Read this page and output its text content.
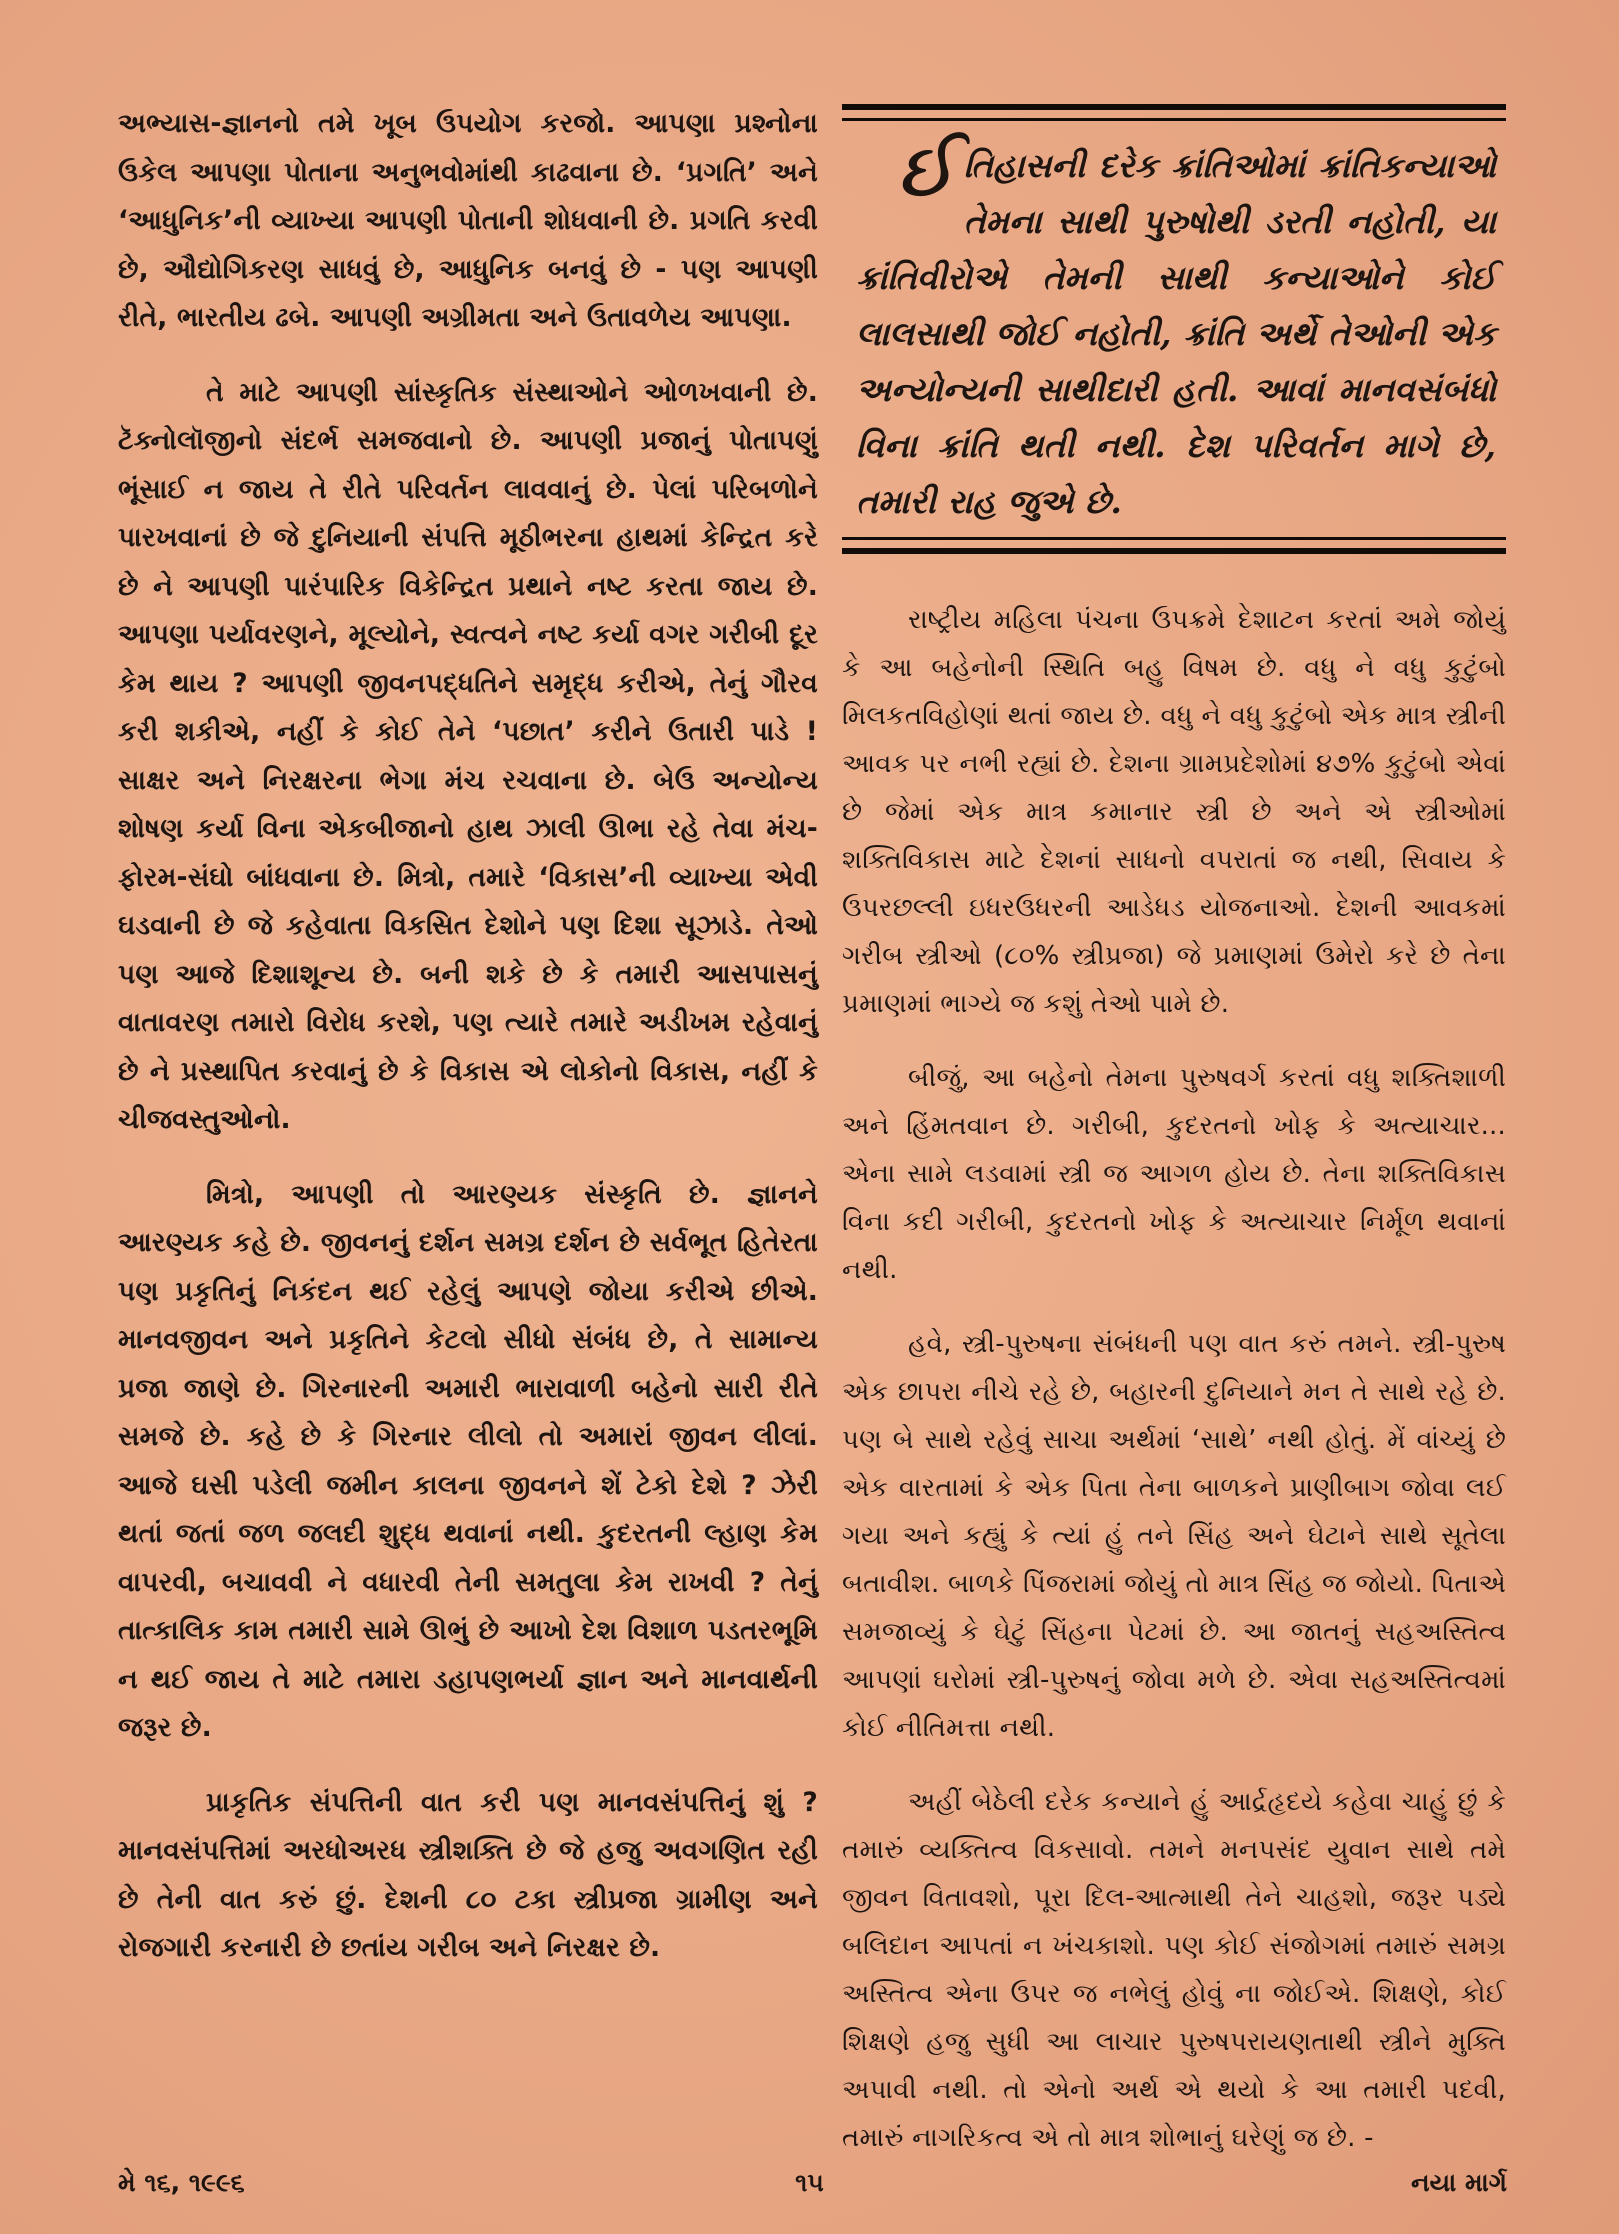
અભ્યાસ-જ્ઞાનનો તમે ખૂબ ઉપયોગ કરજો. આપણા પ્રશ્નોના ઉકેલ આપણા પોતાના અનુભવોમાંથી કાઢવાના છે. ‘પ્રગતિ’ અને ‘આધુનિક’ની વ્યાખ્યા આપણી પોતાની શોધવાની છે. પ્રગતિ કરવી છે, ઔદ્યોગિકરણ સાધવું છે, આધુનિક બનવું છે - પણ આપણી રીતે, ભારતીય ઢબે. આપણી અગ્રીમતા અને ઉતાવળેય આપણા.

તે માટે આપણી સાંસ્કૃતિક સંસ્થાઓને ઓળખવાની છે. ટૅક્નોલૉજીનો સંદર્ભ સમજવાનો છે. આપણી પ્રજાનું પોતાપણું ભૂંસાઈ ન જાય તે રીતે પરિવર્તન લાવવાનું છે. પેલાં પરિબળોને પારખવાનાં છે જે દુનિયાની સંપત્તિ મૂઠીભરના હાથમાં કેન્દ્રિત કરે છે ને આપણી પારંપારિક વિકેન્દ્રિત પ્રથાને નષ્ટ કરતા જાય છે. આપણા પર્યાવરણને, મૂલ્યોને, સ્વત્વને નષ્ટ કર્યા વગર ગરીબી દૂર કેમ થાય ? આપણી જીવનપદ્ધતિને સમૃદ્ધ કરીએ, તેનું ગૌરવ કરી શકીએ, નહીં કે કોઈ તેને ‘પછાત’ કરીને ઉતારી પાડે ! સાક્ષર અને નિરક્ષરના ભેગા મંચ રચવાના છે. બેઉ અન્યોન્ય શોષણ કર્યા વિના એકબીજાનો હાથ ઝાલી ઊભા રહે તેવા મંચ-ફોરમ-સંઘો બાંધવાના છે. મિત્રો, તમારે ‘વિકાસ’ની વ્યાખ્યા એવી ઘડવાની છે જે કહેવાતા વિકસિત દેશોને પણ દિશા સૂઝાડે. તેઓ પણ આજે દિશાશૂન્ય છે. બની શકે છે કે તમારી આસપાસનું વાતાવરણ તમારો વિરોધ કરશે, પણ ત્યારે તમારે અડીખમ રહેવાનું છે ને પ્રસ્થાપિત કરવાનું છે કે વિકાસ એ લોકોનો વિકાસ, નહીં કે ચીજવસ્તુઓનો.

મિત્રો, આપણી તો આરણ્યક સંસ્કૃતિ છે. જ્ઞાનને આરણ્યક કહે છે. જીવનનું દર્શન સમગ્ર દર્શન છે સર્વભૂત હિતેરતા પણ પ્રકૃતિનું નિકંદન થઈ રહેલું આપણે જોયા કરીએ છીએ. માનવજીવન અને પ્રકૃતિને કેટલો સીધો સંબંધ છે, તે સામાન્ય પ્રજા જાણે છે. ગિરનારની અમારી ભારાવાળી બહેનો સારી રીતે સમજે છે. કહે છે કે ગિરનાર લીલો તો અમારાં જીવન લીલાં. આજે ઘસી પડેલી જમીન કાલના જીવનને શેં ટેકો દેશે ? ઝેરી થતાં જતાં જળ જલદી શુદ્ધ થવાનાં નથી. કુદરતની લ્હાણ કેમ વાપરવી, બચાવવી ને વધારવી તેની સમતુલા કેમ રાખવી ? તેનું તાત્કાલિક કામ તમારી સામે ઊભું છે આખો દેશ વિશાળ પડતરભૂમિ ન થઈ જાય તે માટે તમારા ડહાપણભર્યા જ્ઞાન અને માનવાર્થની જરૂર છે.

પ્રાકૃતિક સંપત્તિની વાત કરી પણ માનવસંપત્તિનું શું ? માનવસંપત્તિમાં અરધોઅરધ સ્ત્રીશક્તિ છે જે હજુ અવગણિત રહી છે તેની વાત કરું છું. દેશની ૮૦ ટકા સ્ત્રીપ્રજા ગ્રામીણ અને રોજગારી કરનારી છે છતાંય ગરીબ અને નિરક્ષર છે.

ઈતિહાસની દરેક ક્રાંતિઓમાં ક્રાંતિકન્યાઓ તેમના સાથી પુરુષોથી ડરતી નહોતી, યા ક્રાંતિવીરોએ તેમની સાથી કન્યાઓને કોઈ લાલસાથી જોઈ નહોતી, ક્રાંતિ અર્થે તેઓની એક અન્યોન્યની સાથીદારી હતી. આવાં માનવસંબંધો વિના ક્રાંતિ થતી નથી. દેશ પરિવર્તન માગે છે, તમારી રાહ જુએ છે.

રાષ્ટ્રીય મહિલા પંચના ઉપક્રમે દેશાટન કરતાં અમે જોયું કે આ બહેનોની સ્થિતિ બહુ વિષમ છે. વધુ ને વધુ કુટુંબો મિલકતવિહોણાં થતાં જાય છે. વધુ ને વધુ કુટુંબો એક માત્ર સ્ત્રીની આવક પર નભી રહ્યાં છે. દેશના ગ્રામપ્રદેશોમાં ૪૭% કુટુંબો એવાં છે જેમાં એક માત્ર કમાનાર સ્ત્રી છે અને એ સ્ત્રીઓમાં શક્તિવિકાસ માટે દેશનાં સાધનો વપરાતાં જ નથી, સિવાય કે ઉપરછલ્લી ઇધરઉધરની આડેધડ યોજનાઓ. દેશની આવકમાં ગરીબ સ્ત્રીઓ (૮૦% સ્ત્રીપ્રજા) જે પ્રમાણમાં ઉમેરો કરે છે તેના પ્રમાણમાં ભાગ્યે જ કશું તેઓ પામે છે.

બીજું, આ બહેનો તેમના પુરુષવર્ગ કરતાં વધુ શક્તિશાળી અને હિંમતવાન છે. ગરીબી, કુદરતનો ખોફ કે અત્યાચાર... એના સામે લડવામાં સ્ત્રી જ આગળ હોય છે. તેના શક્તિવિકાસ વિના કદી ગરીબી, કુદરતનો ખોફ કે અત્યાચાર નિર્મૂળ થવાનાં નથી.

હવે, સ્ત્રી-પુરુષના સંબંધની પણ વાત કરું તમને. સ્ત્રી-પુરુષ એક છાપરા નીચે રહે છે, બહારની દુનિયાને મન તે સાથે રહે છે. પણ બે સાથે રહેવું સાચા અર્થમાં ‘સાથે’ નથી હોતું. મેં વાંચ્યું છે એક વારતામાં કે એક પિતા તેના બાળકને પ્રાણીબાગ જોવા લઈ ગયા અને કહ્યું કે ત્યાં હું તને સિંહ અને ઘેટાને સાથે સૂતેલા બતાવીશ. બાળકે પિંજરામાં જોયું તો માત્ર સિંહ જ જોયો. પિતાએ સમજાવ્યું કે ઘેટું સિંહના પેટમાં છે. આ જાતનું સહઅસ્તિત્વ આપણાં ઘરોમાં સ્ત્રી-પુરુષનું જોવા મળે છે. એવા સહઅસ્તિત્વમાં કોઈ નીતિમત્તા નથી.

અહીં બેઠેલી દરેક કન્યાને હું આર્દ્રહૃદયે કહેવા ચાહું છું કે તમારું વ્યક્તિત્વ વિકસાવો. તમને મનપસંદ યુવાન સાથે તમે જીવન વિતાવશો, પૂરા દિલ-આત્માથી તેને ચાહશો, જરૂર પડ્યે બલિદાન આપતાં ન ખંચકાશો. પણ કોઈ સંજોગમાં તમારું સમગ્ર અસ્તિત્વ એના ઉપર જ નભેલું હોવું ના જોઈએ. શિક્ષણે, કોઈ શિક્ષણે હજુ સુધી આ લાચાર પુરુષપરાયણતાથી સ્ત્રીને મુક્તિ અપાવી નથી. તો એનો અર્થ એ થયો કે આ તમારી પદવી, તમારું નાગરિકત્વ એ તો માત્ર શોભાનું ઘરેણું જ છે. -

મે ૧૬, ૧૯૯૬	૧૫	નયા માર્ગ
